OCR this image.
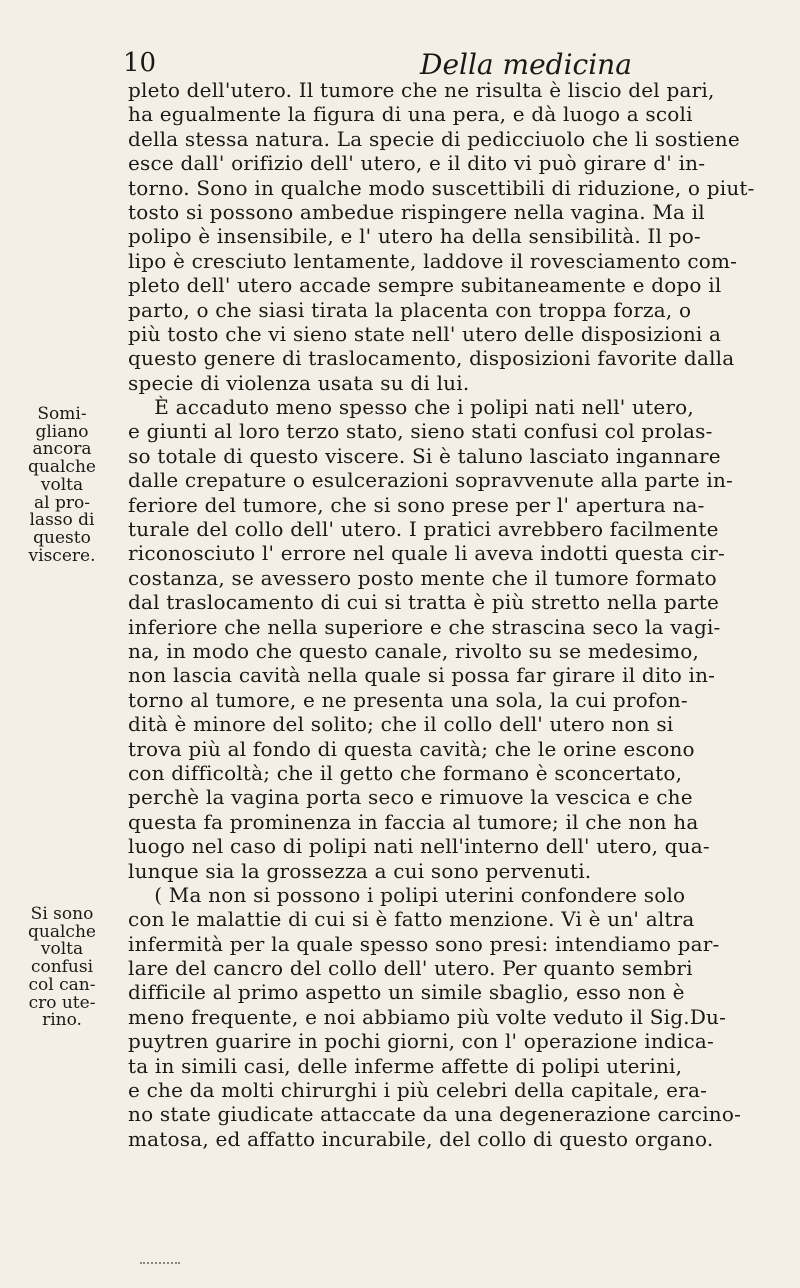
10	Della medicina
pleto dell'utero. Il tumore che ne risulta è liscio del pari,
ha egualmente la figura di una pera, e dà luogo a scoli
della stessa natura. La specie di pedicciuolo che li sostiene
esce dall' orifizio dell' utero, e il dito vi può girare d' in-
torno. Sono in qualche modo suscettibili di riduzione, o piut-
tosto si possono ambedue rispingere nella vagina. Ma il
polipo è insensibile, e l' utero ha della sensibilità. Il po-
lipo è cresciuto lentamente, laddove il rovesciamento com-
pleto dell' utero accade sempre subitaneamente e dopo il
parto, o che siasi tirata la placenta con troppa forza, o
più tosto che vi sieno state nell' utero delle disposizioni a
questo genere di traslocamento, disposizioni favorite dalla
specie di violenza usata su di lui.
È accaduto meno spesso che i polipi nati nell' utero,
e giunti al loro terzo stato, sieno stati confusi col prolas-
so totale di questo viscere. Si è taluno lasciato ingannare
dalle crepature o esulcerazioni sopravvenute alla parte in-
feriore del tumore, che si sono prese per l' apertura na-
turale del collo dell' utero. I pratici avrebbero facilmente
riconosciuto l' errore nel quale li aveva indotti questa cir-
costanza, se avessero posto mente che il tumore formato
dal traslocamento di cui si tratta è più stretto nella parte
inferiore che nella superiore e che strascina seco la vagi-
na, in modo che questo canale, rivolto su se medesimo,
non lascia cavità nella quale si possa far girare il dito in-
torno al tumore, e ne presenta una sola, la cui profon-
dità è minore del solito; che il collo dell' utero non si
trova più al fondo di questa cavità; che le orine escono
con difficoltà; che il getto che formano è sconcertato,
perchè la vagina porta seco e rimuove la vescica e che
questa fa prominenza in faccia al tumore; il che non ha
luogo nel caso di polipi nati nell'interno dell' utero, qua-
lunque sia la grossezza a cui sono pervenuti.
( Ma non si possono i polipi uterini confondere solo
con le malattie di cui si è fatto menzione. Vi è un' altra
infermità per la quale spesso sono presi: intendiamo par-
lare del cancro del collo dell' utero. Per quanto sembri
difficile al primo aspetto un simile sbaglio, esso non è
meno frequente, e noi abbiamo più volte veduto il Sig.Du-
puytren guarire in pochi giorni, con l' operazione indica-
ta in simili casi, delle inferme affette di polipi uterini,
e che da molti chirurghi i più celebri della capitale, era-
no state giudicate attaccate da una degenerazione carcino-
matosa, ed affatto incurabile, del collo di questo organo.
Somi-
gliano
ancora
qualche
volta
al pro-
lasso di
questo
viscere.
Si sono
qualche
volta
confusi
col can-
cro ute-
rino.
